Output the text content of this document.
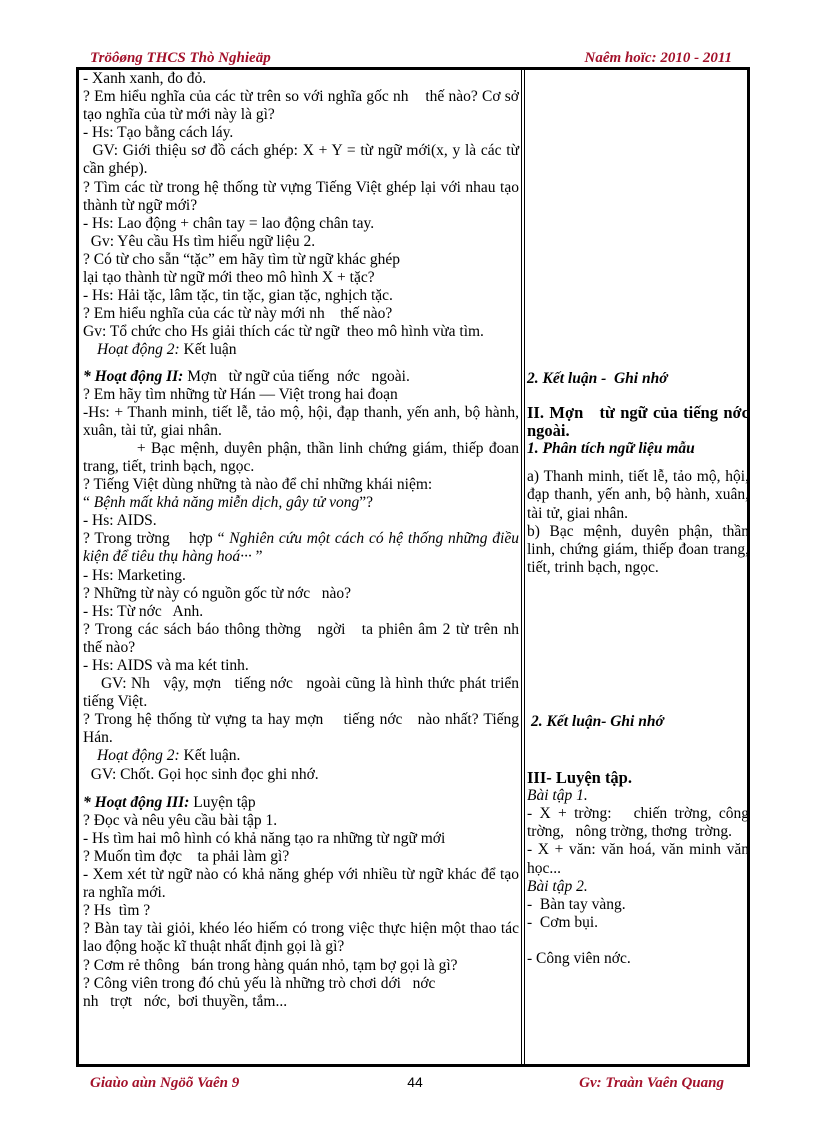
Tröôøng THCS Thò Nghieäp	Naêm hoïc: 2010 - 2011
- Xanh xanh, đo đỏ.
? Em hiểu nghĩa của các từ trên so với nghĩa gốc nh    thế nào? Cơ sở tạo nghĩa của từ mới này là gì?
- Hs: Tạo bằng cách láy.
GV: Giới thiệu sơ đồ cách ghép: X + Y = từ ngữ mới(x, y là các từ cần ghép).
? Tìm các từ trong hệ thống từ vựng Tiếng Việt ghép lại với nhau tạo thành từ ngữ mới?
- Hs: Lao động + chân tay = lao động chân tay.
Gv: Yêu cầu Hs tìm hiểu ngữ liệu 2.
? Có từ cho sẵn “tặc” em hãy tìm từ ngữ khác ghép
lại tạo thành từ ngữ mới theo mô hình X + tặc?
- Hs: Hải tặc, lâm tặc, tin tặc, gian tặc, nghịch tặc.
? Em hiểu nghĩa của các từ này mới nh    thế nào?
Gv: Tổ chức cho Hs giải thích các từ ngữ  theo mô hình vừa tìm.
Hoạt động 2: Kết luận
* Hoạt động II: Mợn   từ ngữ của tiếng  nớc   ngoài.
? Em hãy tìm những từ Hán — Việt trong hai đoạn
-Hs: + Thanh minh, tiết lễ, tảo mộ, hội, đạp thanh, yến anh, bộ hành, xuân, tài tử, giai nhân.
+ Bạc mệnh, duyên phận, thần linh chứng giám, thiếp đoan trang, tiết, trinh bạch, ngọc.
? Tiếng Việt dùng những tà nào để chỉ những khái niệm:
“ Bệnh mất khả năng miễn dịch, gây tử vong”?
- Hs: AIDS.
? Trong trờng    hợp “ Nghiên cứu một cách có hệ thống những điều kiện để tiêu thụ hàng hoá··· ”
- Hs: Marketing.
? Những từ này có nguồn gốc từ nớc   nào?
- Hs: Từ nớc   Anh.
? Trong các sách báo thông thờng   ngời   ta phiên âm 2 từ trên nh   thế nào?
- Hs: AIDS và ma két tinh.
GV: Nh   vậy, mợn   tiếng nớc   ngoài cũng là hình thức phát triển tiếng Việt.
? Trong hệ thống từ vựng ta hay mợn    tiếng nớc   nào nhất? Tiếng Hán.
Hoạt động 2: Kết luận.
GV: Chốt. Gọi học sinh đọc ghi nhớ.
* Hoạt động III: Luyện tập
? Đọc và nêu yêu cầu bài tập 1.
- Hs tìm hai mô hình có khả năng tạo ra những từ ngữ mới
? Muốn tìm đợc    ta phải làm gì?
- Xem xét từ ngữ nào có khả năng ghép với nhiều từ ngữ khác để tạo ra nghĩa mới.
? Hs  tìm ?
? Bàn tay tài giỏi, khéo léo hiếm có trong việc thực hiện một thao tác lao động hoặc kĩ thuật nhất định gọi là gì?
? Cơm rẻ thông   bán trong hàng quán nhỏ, tạm bợ gọi là gì?
? Công viên trong đó chủ yếu là những trò chơi dới   nớc
nh   trợt   nớc,  bơi thuyền, tắm...
2. Kết luận -  Ghi nhớ
II. Mợn   từ ngữ của tiếng nớc  ngoài.
1. Phân tích ngữ liệu mẫu
a) Thanh minh, tiết lễ, tảo mộ, hội, đạp thanh, yến anh, bộ hành, xuân, tài tử, giai nhân.
b) Bạc mệnh, duyên phận, thần linh, chứng giám, thiếp đoan trang, tiết, trinh bạch, ngọc.
2. Kết luận- Ghi nhớ
III- Luyện tập.
Bài tập 1.
- X + trờng:   chiến trờng, công trờng,   nông trờng, thơng  trờng.
- X + văn: văn hoá, văn minh văn học...
Bài tập 2.
-  Bàn tay vàng.
-  Cơm bụi.
- Công viên nớc.
Giaùo aùn Ngöõ Vaên 9	44	Gv: Traàn Vaên Quang
